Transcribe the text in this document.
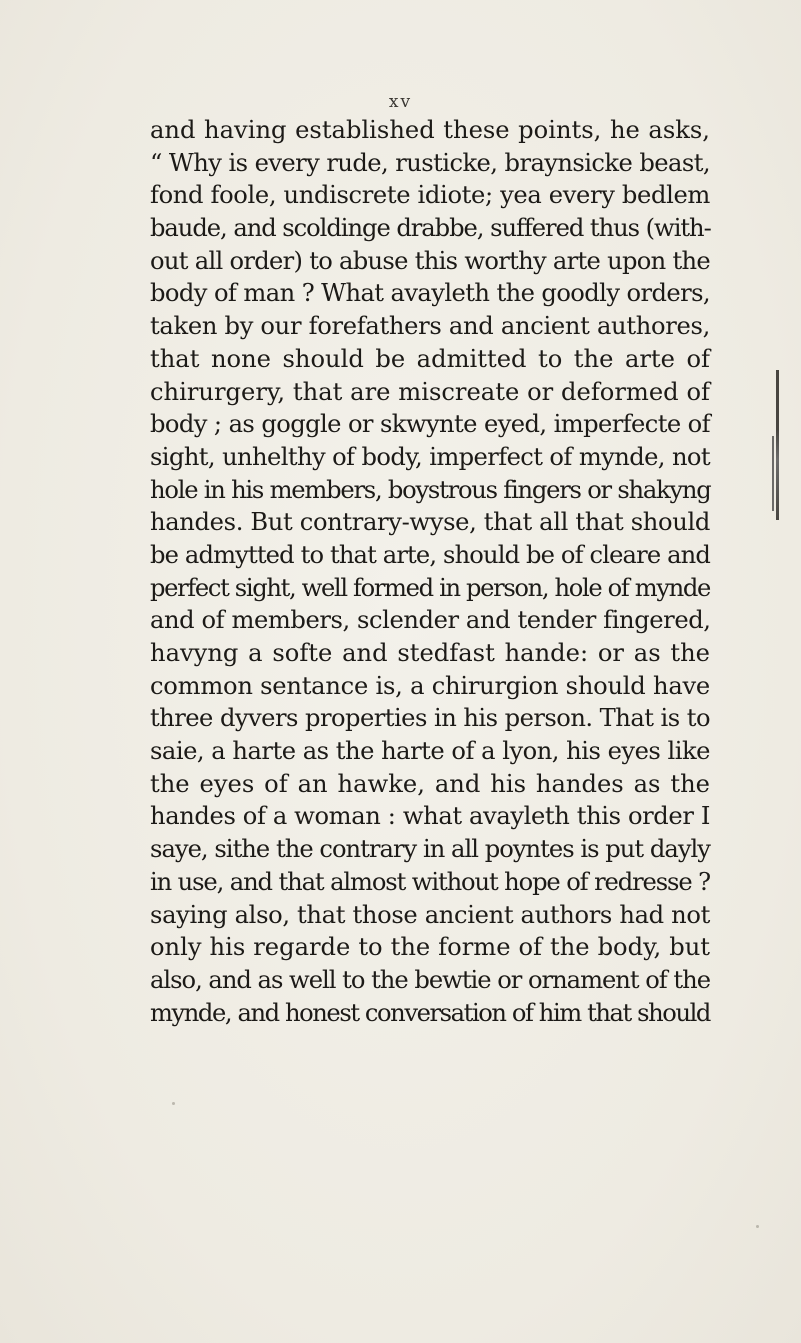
xv
and having established these points, he asks,
“ Why is every rude, rusticke, braynsicke beast,
fond foole, undiscrete idiote; yea every bedlem
baude, and scoldinge drabbe, suffered thus (with-
out all order) to abuse this worthy arte upon the
body of man ? What avayleth the goodly orders,
taken by our forefathers and ancient authores,
that none should be admitted to the arte of
chirurgery, that are miscreate or deformed of
body ; as goggle or skwynte eyed, imperfecte of
sight, unhelthy of body, imperfect of mynde, not
hole in his members, boystrous fingers or shakyng
handes. But contrary-wyse, that all that should
be admytted to that arte, should be of cleare and
perfect sight, well formed in person, hole of mynde
and of members, sclender and tender fingered,
havyng a softe and stedfast hande: or as the
common sentance is, a chirurgion should have
three dyvers properties in his person. That is to
saie, a harte as the harte of a lyon, his eyes like
the eyes of an hawke, and his handes as the
handes of a woman : what avayleth this order I
saye, sithe the contrary in all poyntes is put dayly
in use, and that almost without hope of redresse ?
saying also, that those ancient authors had not
only his regarde to the forme of the body, but
also, and as well to the bewtie or ornament of the
mynde, and honest conversation of him that should
